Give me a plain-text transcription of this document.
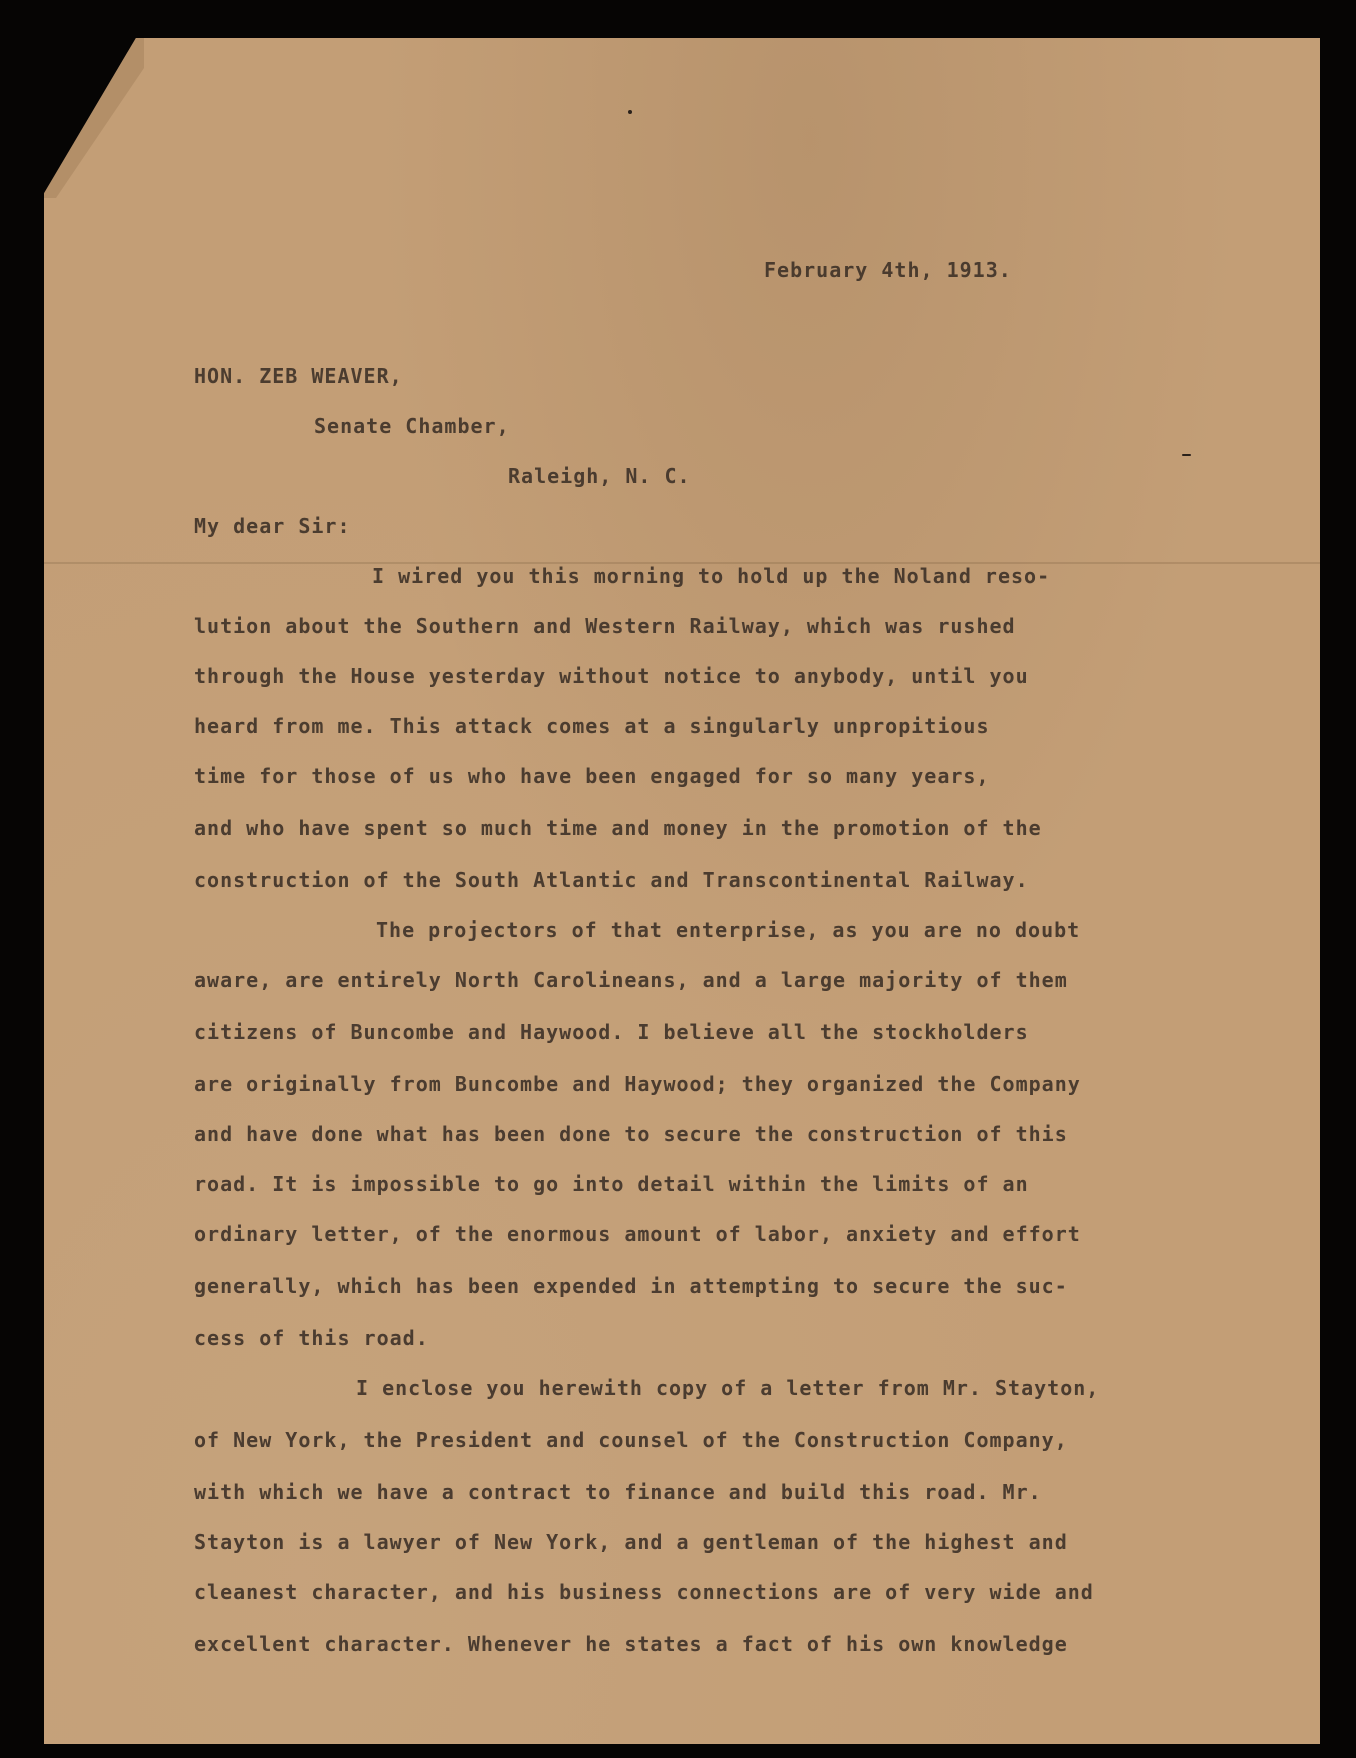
February 4th, 1913.

HON. ZEB WEAVER,

Senate Chamber,

Raleigh, N. C.

My dear Sir:

I wired you this morning to hold up the Noland reso-

lution about the Southern and Western Railway, which was rushed

through the House yesterday without notice to anybody, until you

heard from me. This attack comes at a singularly unpropitious

time for those of us who have been engaged for so many years,

and who have spent so much time and money in the promotion of the

construction of the South Atlantic and Transcontinental Railway.

The projectors of that enterprise, as you are no doubt

aware, are entirely North Carolineans, and a large majority of them

citizens of Buncombe and Haywood. I believe all the stockholders

are originally from Buncombe and Haywood; they organized the Company

and have done what has been done to secure the construction of this

road. It is impossible to go into detail within the limits of an

ordinary letter, of the enormous amount of labor, anxiety and effort

generally, which has been expended in attempting to secure the suc-

cess of this road.

I enclose you herewith copy of a letter from Mr. Stayton,

of New York, the President and counsel of the Construction Company,

with which we have a contract to finance and build this road. Mr.

Stayton is a lawyer of New York, and a gentleman of the highest and

cleanest character, and his business connections are of very wide and

excellent character. Whenever he states a fact of his own knowledge
